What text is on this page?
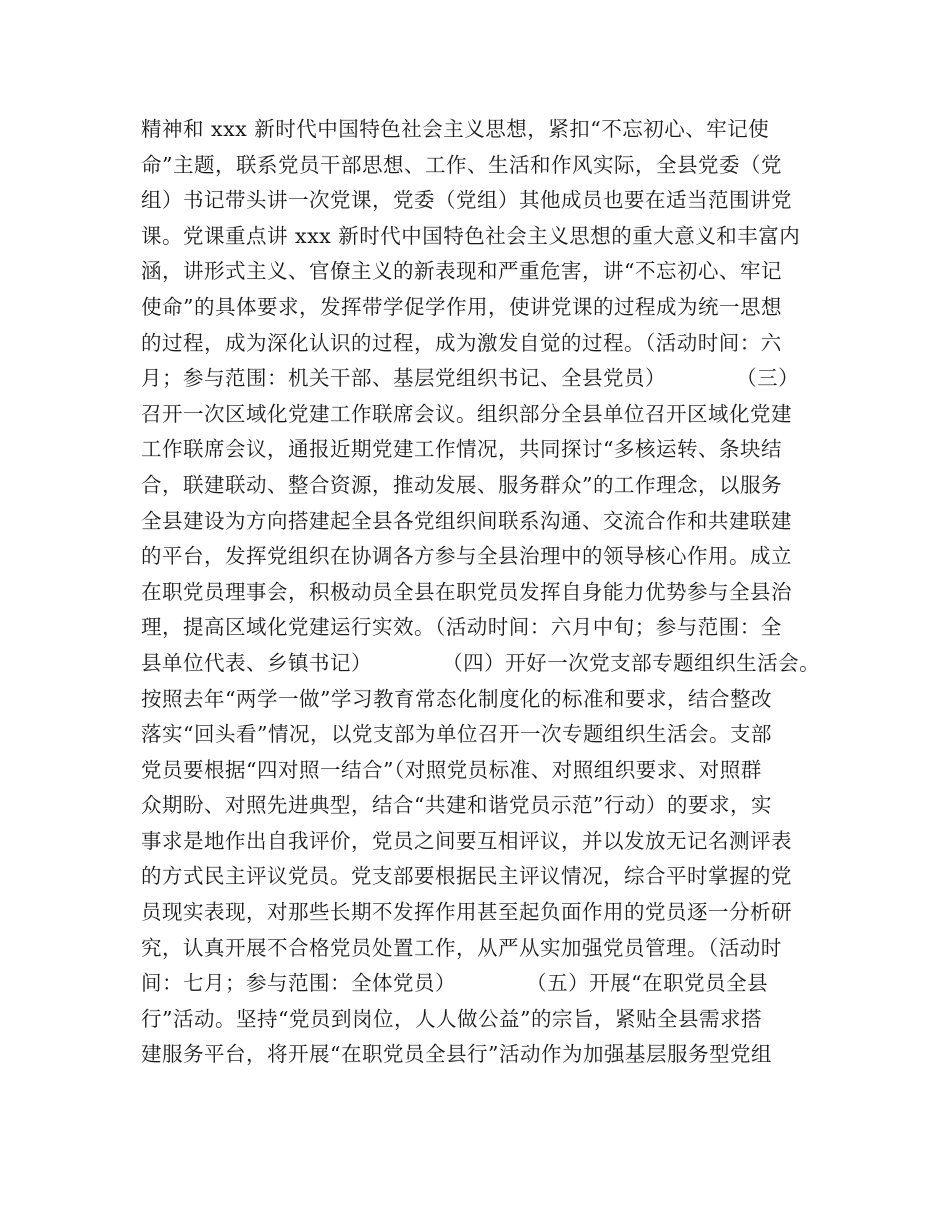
精神和 xxx 新时代中国特色社会主义思想，紧扣“不忘初心、牢记使
命”主题，联系党员干部思想、工作、生活和作风实际，全县党委（党
组）书记带头讲一次党课，党委（党组）其他成员也要在适当范围讲党
课。党课重点讲 xxx 新时代中国特色社会主义思想的重大意义和丰富内
涵，讲形式主义、官僚主义的新表现和严重危害，讲“不忘初心、牢记
使命”的具体要求，发挥带学促学作用，使讲党课的过程成为统一思想
的过程，成为深化认识的过程，成为激发自觉的过程。（活动时间：六
月；参与范围：机关干部、基层党组织书记、全县党员）          （三）
召开一次区域化党建工作联席会议。组织部分全县单位召开区域化党建
工作联席会议，通报近期党建工作情况，共同探讨“多核运转、条块结
合，联建联动、整合资源，推动发展、服务群众”的工作理念，以服务
全县建设为方向搭建起全县各党组织间联系沟通、交流合作和共建联建
的平台，发挥党组织在协调各方参与全县治理中的领导核心作用。成立
在职党员理事会，积极动员全县在职党员发挥自身能力优势参与全县治
理，提高区域化党建运行实效。（活动时间：六月中旬；参与范围：全
县单位代表、乡镇书记）          （四）开好一次党支部专题组织生活会。
按照去年“两学一做”学习教育常态化制度化的标准和要求，结合整改
落实“回头看”情况，以党支部为单位召开一次专题组织生活会。支部
党员要根据“四对照一结合”（对照党员标准、对照组织要求、对照群
众期盼、对照先进典型，结合“共建和谐党员示范”行动）的要求，实
事求是地作出自我评价，党员之间要互相评议，并以发放无记名测评表
的方式民主评议党员。党支部要根据民主评议情况，综合平时掌握的党
员现实表现，对那些长期不发挥作用甚至起负面作用的党员逐一分析研
究，认真开展不合格党员处置工作，从严从实加强党员管理。（活动时
间：七月；参与范围：全体党员）          （五）开展“在职党员全县
行”活动。坚持“党员到岗位，人人做公益”的宗旨，紧贴全县需求搭
建服务平台，将开展“在职党员全县行”活动作为加强基层服务型党组
